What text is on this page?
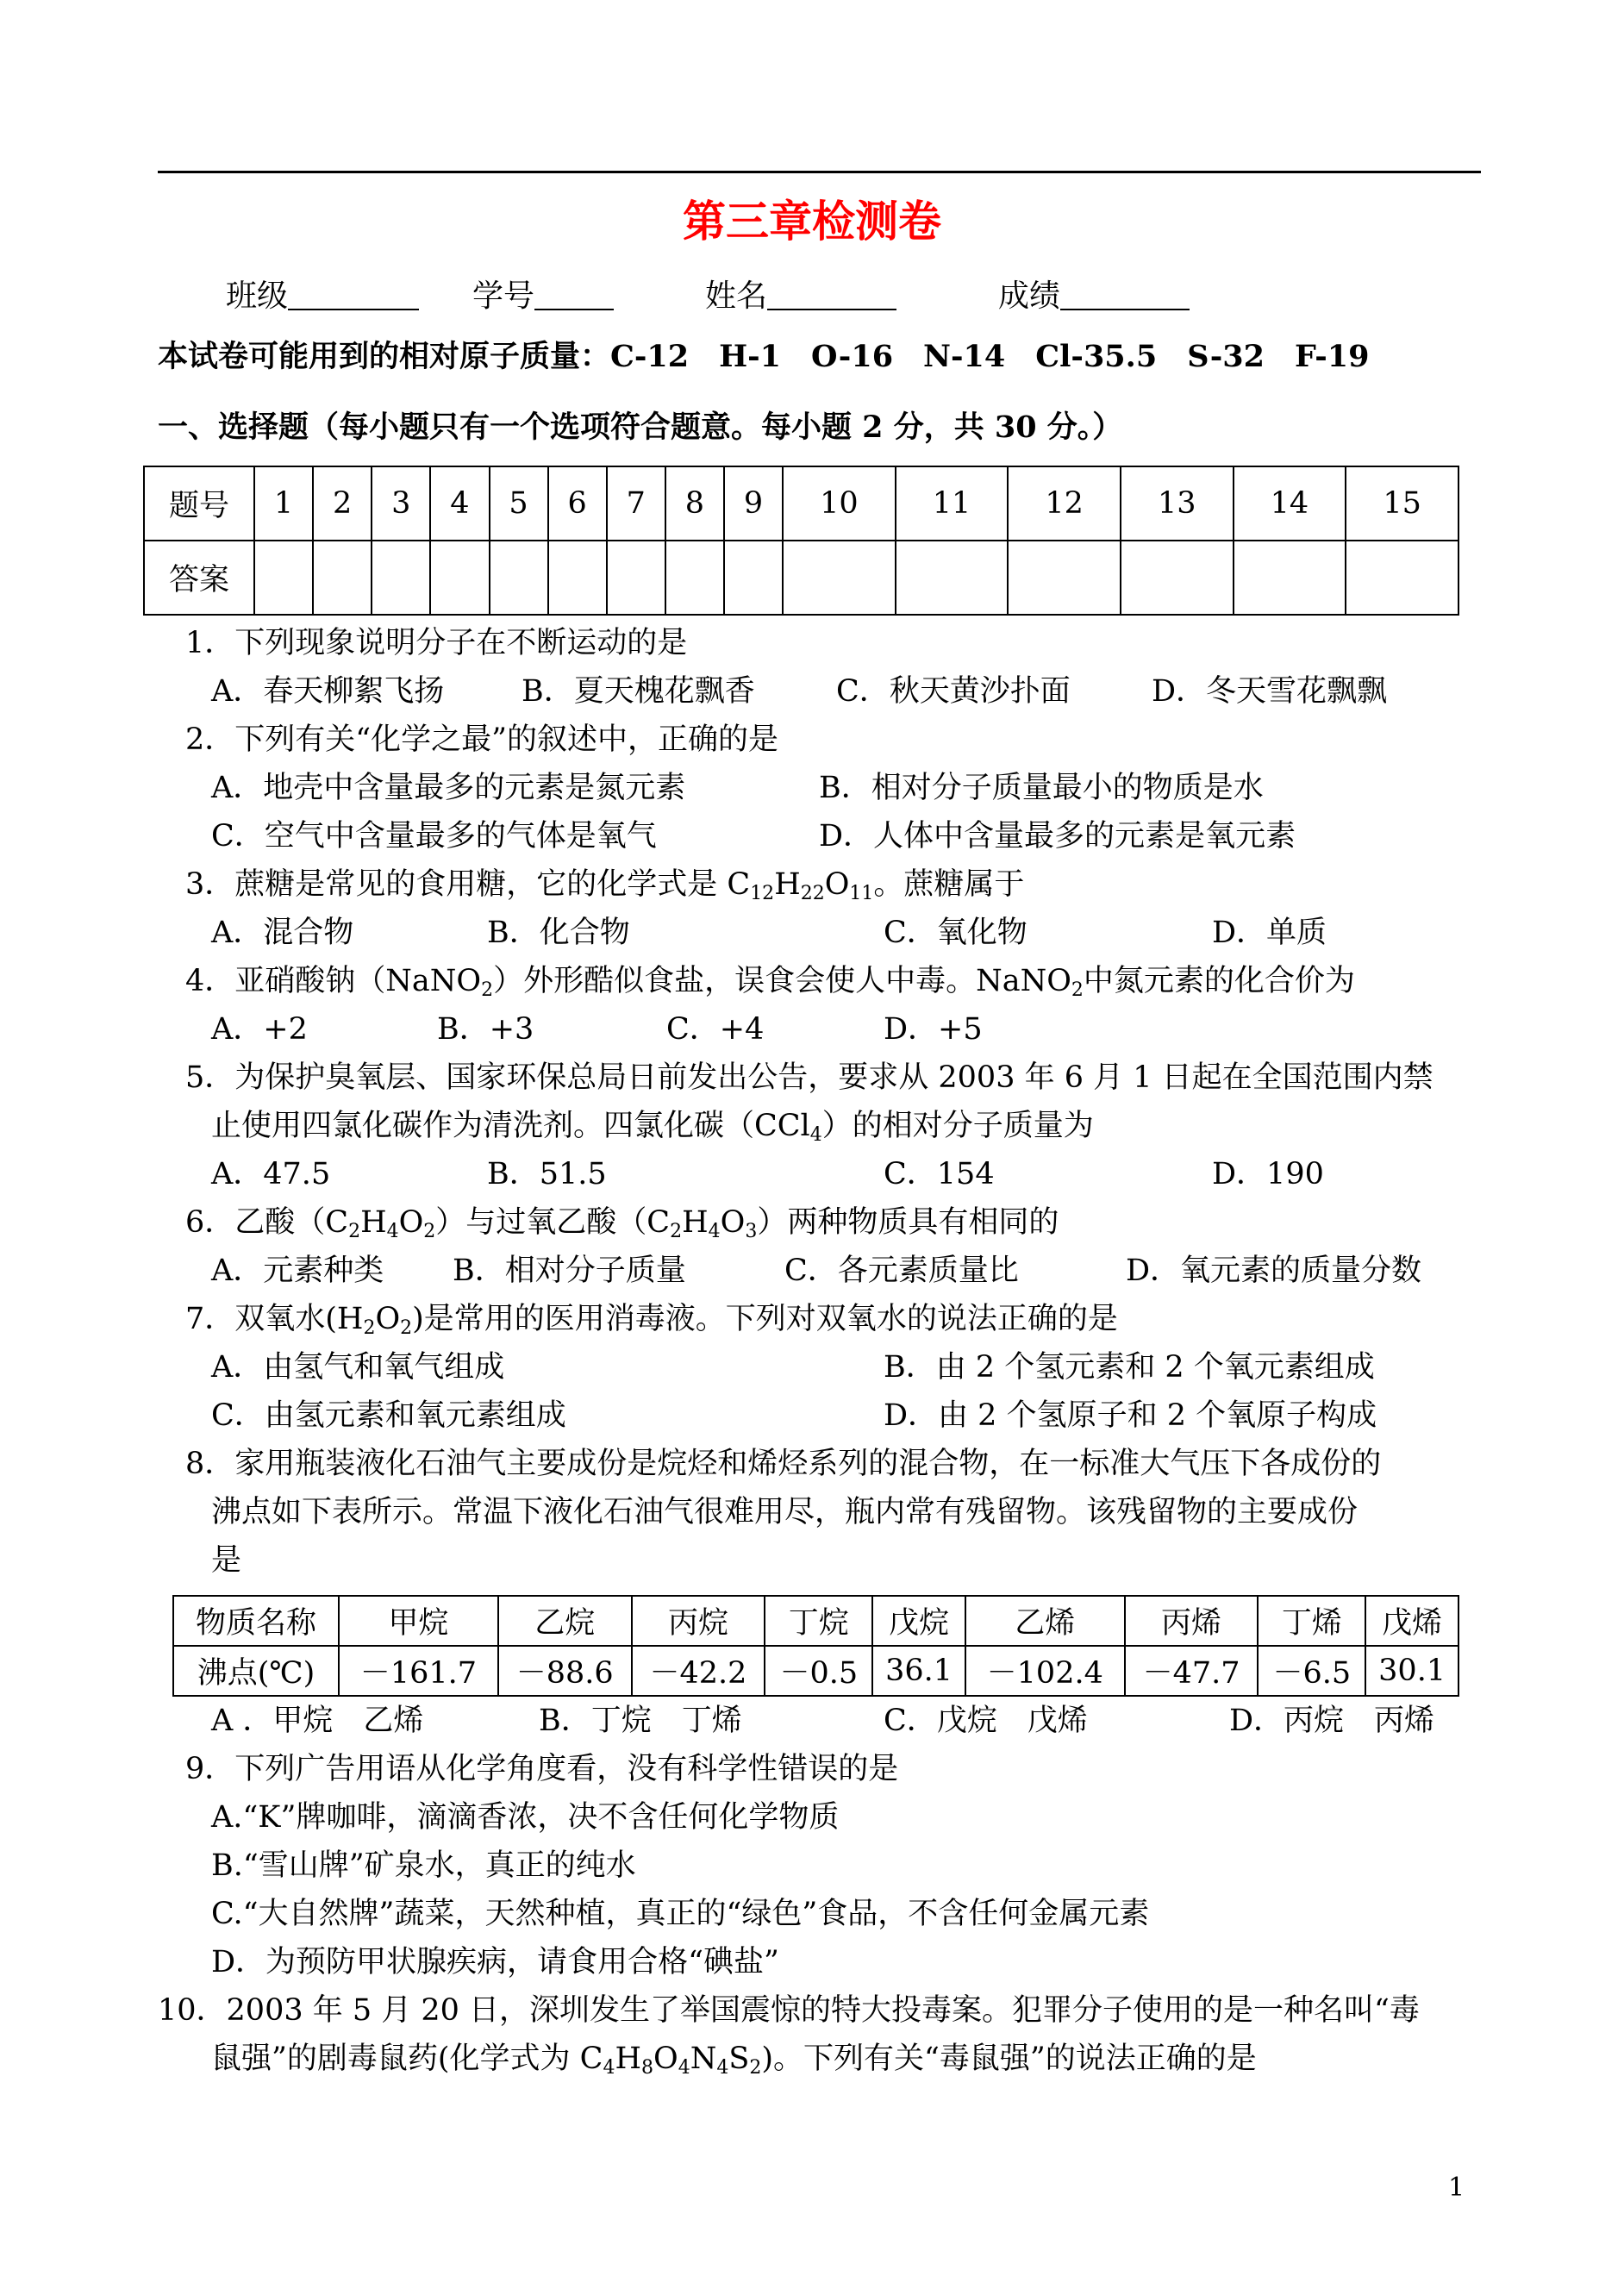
第三章检测卷
班级	学号	姓名	成绩
本试卷可能用到的相对原子质量：C-12　H-1　O-16　N-14　Cl-35.5　S-32　F-19
一、选择题（每小题只有一个选项符合题意。每小题 2 分，共 30 分。）
题号	1	2	3	4	5	6	7	8	9	10	11	12	13	14	15
答案															
1．下列现象说明分子在不断运动的是
A．春天柳絮飞扬	B．夏天槐花飘香	C．秋天黄沙扑面	D．冬天雪花飘飘
2．下列有关“化学之最”的叙述中，正确的是
A．地壳中含量最多的元素是氮元素	B．相对分子质量最小的物质是水
C．空气中含量最多的气体是氧气	D．人体中含量最多的元素是氧元素
3．蔗糖是常见的食用糖，它的化学式是 $C_{12}H_{22}O_{11}$。蔗糖属于
A．混合物	B．化合物	C．氧化物	D．单质
4．亚硝酸钠（NaNO$_2$）外形酷似食盐，误食会使人中毒。NaNO$_2$中氮元素的化合价为
A．+2	B．+3	C．+4	D．+5
5．为保护臭氧层、国家环保总局日前发出公告，要求从 2003 年 6 月 1 日起在全国范围内禁
止使用四氯化碳作为清洗剂。四氯化碳（CCl$_4$）的相对分子质量为
A．47.5	B．51.5	C．154	D．190
6．乙酸$(C_2H_4O_2)$与过氧乙酸$(C_2H_4O_3)$两种物质具有相同的
A．元素种类 B．相对分子质量	C．各元素质量比	D．氧元素的质量分数
7．双氧水$(H_2O_2)$是常用的医用消毒液。下列对双氧水的说法正确的是
A．由氢气和氧气组成	B．由 2 个氢元素和 2 个氧元素组成
C．由氢元素和氧元素组成	D．由 2 个氢原子和 2 个氧原子构成
8．家用瓶装液化石油气主要成份是烷烃和烯烃系列的混合物，在一标准大气压下各成份的
沸点如下表所示。常温下液化石油气很难用尽，瓶内常有残留物。该残留物的主要成份
是
物质名称	甲烷	乙烷	丙烷	丁烷	戊烷	乙烯	丙烯	丁烯	戊烯
沸点(℃)	－161.7	－88.6	－42.2	－0.5	36.1	－102.4	－47.7	－6.5	30.1
A ．甲烷　乙烯	B．丁烷　丁烯	C．戊烷　戊烯	D．丙烷　丙烯
9．下列广告用语从化学角度看，没有科学性错误的是
A.“K”牌咖啡，滴滴香浓，决不含任何化学物质
B.“雪山牌”矿泉水，真正的纯水
C.“大自然牌”蔬菜，天然种植，真正的“绿色”食品，不含任何金属元素
D．为预防甲状腺疾病，请食用合格“碘盐”
10．2003 年 5 月 20 日，深圳发生了举国震惊的特大投毒案。犯罪分子使用的是一种名叫“毒
鼠强”的剧毒鼠药(化学式为 $C_4H_8O_4N_4S_2$)。下列有关“毒鼠强”的说法正确的是
1
